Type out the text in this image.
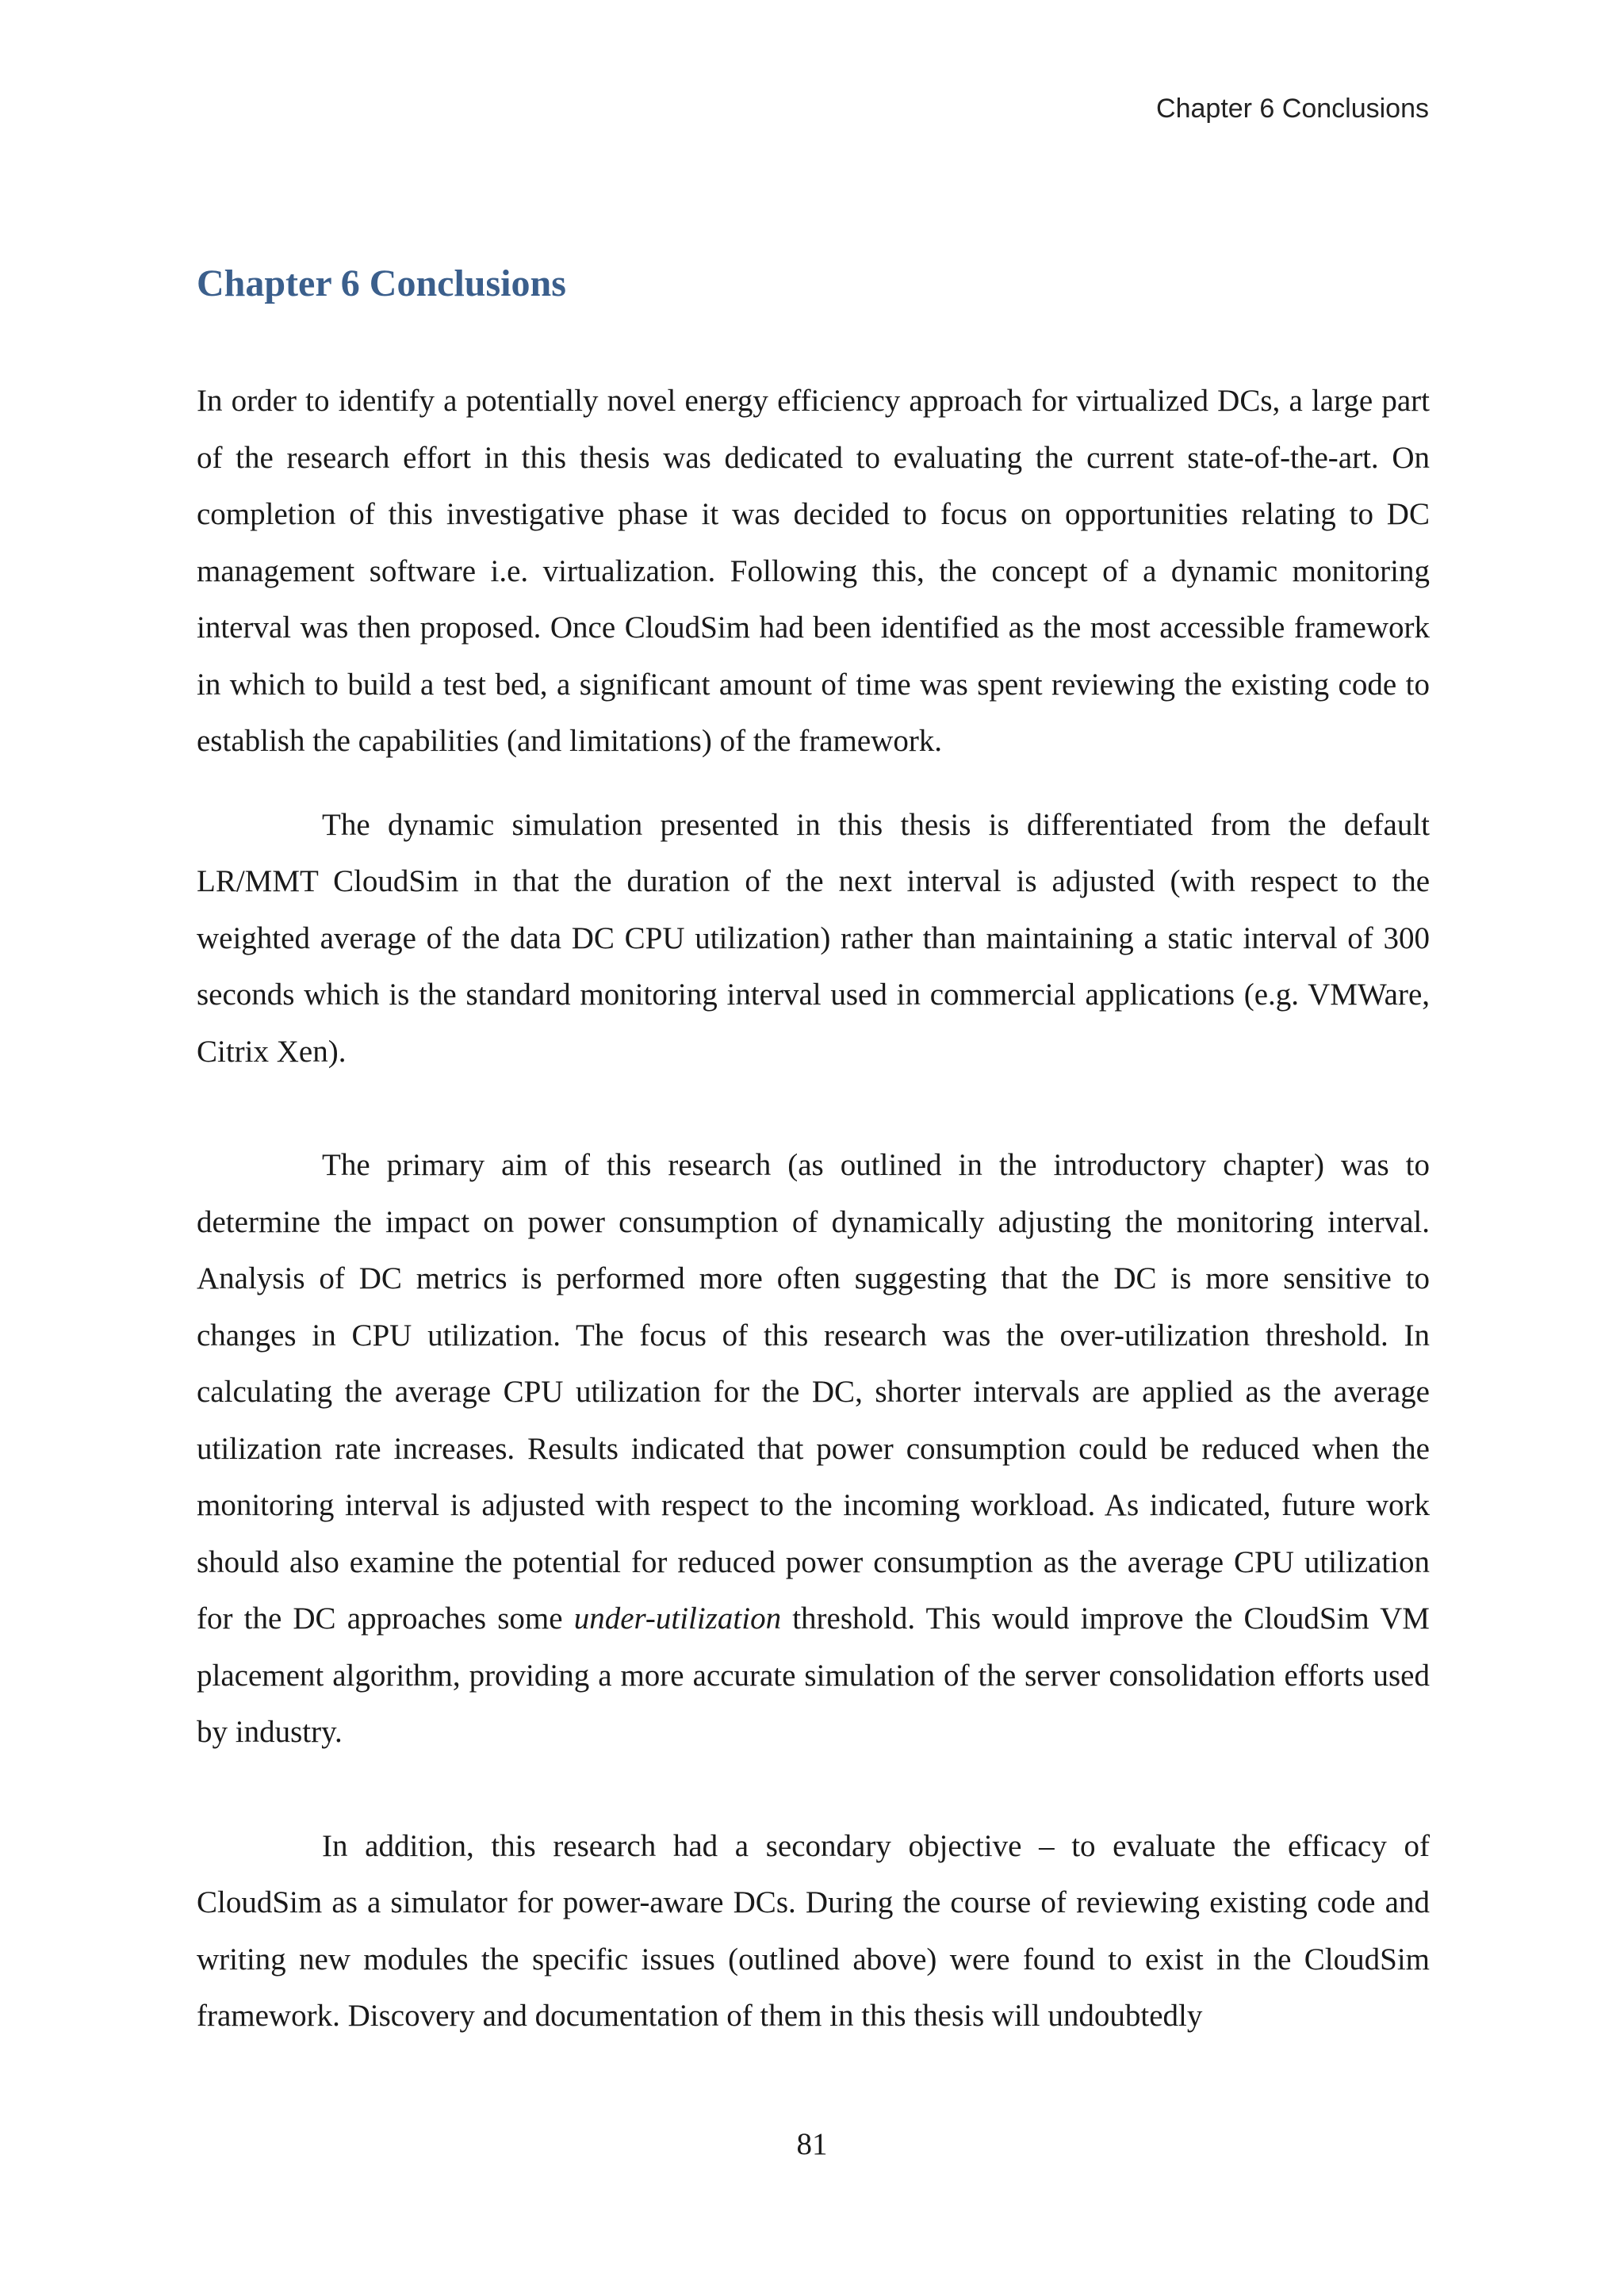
Chapter 6 Conclusions
Chapter 6 Conclusions

In order to identify a potentially novel energy efficiency approach for virtualized DCs, a large part of the research effort in this thesis was dedicated to evaluating the current state-of-the-art. On completion of this investigative phase it was decided to focus on opportunities relating to DC management software i.e. virtualization. Following this, the concept of a dynamic monitoring interval was then proposed. Once CloudSim had been identified as the most accessible framework in which to build a test bed, a significant amount of time was spent reviewing the existing code to establish the capabilities (and limitations) of the framework.

The dynamic simulation presented in this thesis is differentiated from the default LR/MMT CloudSim in that the duration of the next interval is adjusted (with respect to the weighted average of the data DC CPU utilization) rather than maintaining a static interval of 300 seconds which is the standard monitoring interval used in commercial applications (e.g. VMWare, Citrix Xen).

The primary aim of this research (as outlined in the introductory chapter) was to determine the impact on power consumption of dynamically adjusting the monitoring interval. Analysis of DC metrics is performed more often suggesting that the DC is more sensitive to changes in CPU utilization. The focus of this research was the over-utilization threshold. In calculating the average CPU utilization for the DC, shorter intervals are applied as the average utilization rate increases. Results indicated that power consumption could be reduced when the monitoring interval is adjusted with respect to the incoming workload. As indicated, future work should also examine the potential for reduced power consumption as the average CPU utilization for the DC approaches some under-utilization threshold. This would improve the CloudSim VM placement algorithm, providing a more accurate simulation of the server consolidation efforts used by industry.

In addition, this research had a secondary objective – to evaluate the efficacy of CloudSim as a simulator for power-aware DCs. During the course of reviewing existing code and writing new modules the specific issues (outlined above) were found to exist in the CloudSim framework. Discovery and documentation of them in this thesis will undoubtedly

81
